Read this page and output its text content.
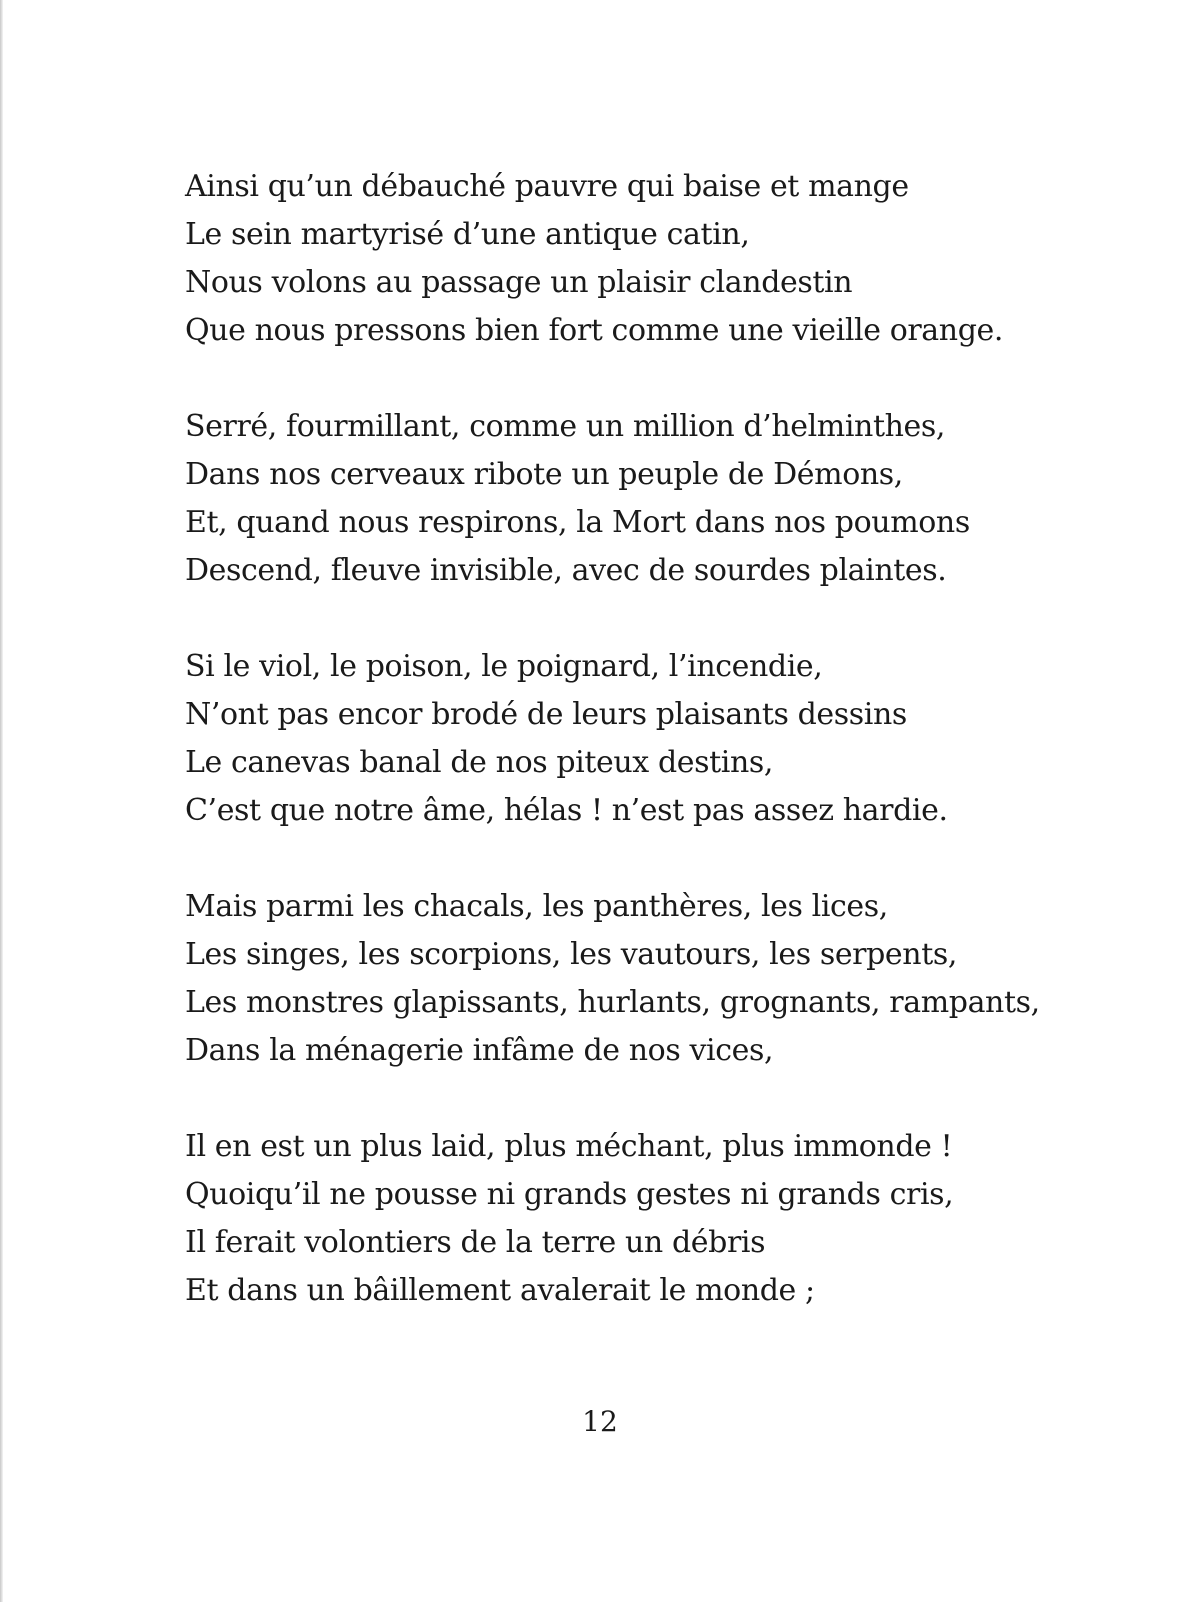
Ainsi qu’un débauché pauvre qui baise et mange
Le sein martyrisé d’une antique catin,
Nous volons au passage un plaisir clandestin
Que nous pressons bien fort comme une vieille orange.
Serré, fourmillant, comme un million d’helminthes,
Dans nos cerveaux ribote un peuple de Démons,
Et, quand nous respirons, la Mort dans nos poumons
Descend, fleuve invisible, avec de sourdes plaintes.
Si le viol, le poison, le poignard, l’incendie,
N’ont pas encor brodé de leurs plaisants dessins
Le canevas banal de nos piteux destins,
C’est que notre âme, hélas ! n’est pas assez hardie.
Mais parmi les chacals, les panthères, les lices,
Les singes, les scorpions, les vautours, les serpents,
Les monstres glapissants, hurlants, grognants, rampants,
Dans la ménagerie infâme de nos vices,
Il en est un plus laid, plus méchant, plus immonde !
Quoiqu’il ne pousse ni grands gestes ni grands cris,
Il ferait volontiers de la terre un débris
Et dans un bâillement avalerait le monde ;
12
